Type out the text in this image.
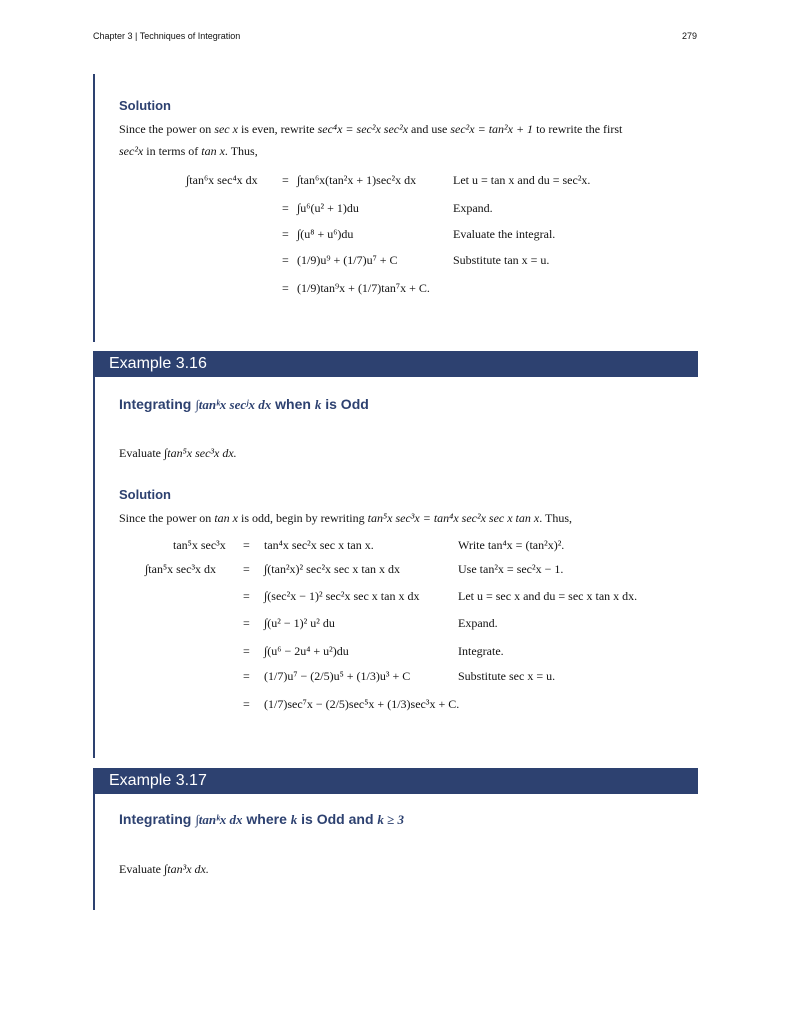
Chapter 3 | Techniques of Integration	279
Solution
Since the power on sec x is even, rewrite sec⁴x = sec²x sec²x and use sec²x = tan²x + 1 to rewrite the first
sec²x in terms of tan x. Thus,
∫tan⁶x sec⁴x dx = ∫tan⁶x(tan²x + 1)sec²x dx	Let u = tan x and du = sec²x.
= ∫u⁶(u² + 1)du	Expand.
= ∫(u⁸ + u⁶)du	Evaluate the integral.
= (1/9)u⁹ + (1/7)u⁷ + C	Substitute tan x = u.
= (1/9)tan⁹x + (1/7)tan⁷x + C.
Example 3.16
Integrating ∫tanᵏx secʲx dx when k is Odd
Evaluate ∫tan⁵x sec³x dx.
Solution
Since the power on tan x is odd, begin by rewriting tan⁵x sec³x = tan⁴x sec²x sec x tan x. Thus,
tan⁵x sec³x = tan⁴x sec²x sec x tan x.	Write tan⁴x = (tan²x)².
∫tan⁵x sec³x dx = ∫(tan²x)² sec²x sec x tan x dx	Use tan²x = sec²x − 1.
= ∫(sec²x − 1)² sec²x sec x tan x dx	Let u = sec x and du = sec x tan x dx.
= ∫(u² − 1)² u² du	Expand.
= ∫(u⁶ − 2u⁴ + u²)du	Integrate.
= (1/7)u⁷ − (2/5)u⁵ + (1/3)u³ + C	Substitute sec x = u.
= (1/7)sec⁷x − (2/5)sec⁵x + (1/3)sec³x + C.
Example 3.17
Integrating ∫tanᵏx dx where k is Odd and k ≥ 3
Evaluate ∫tan³x dx.
